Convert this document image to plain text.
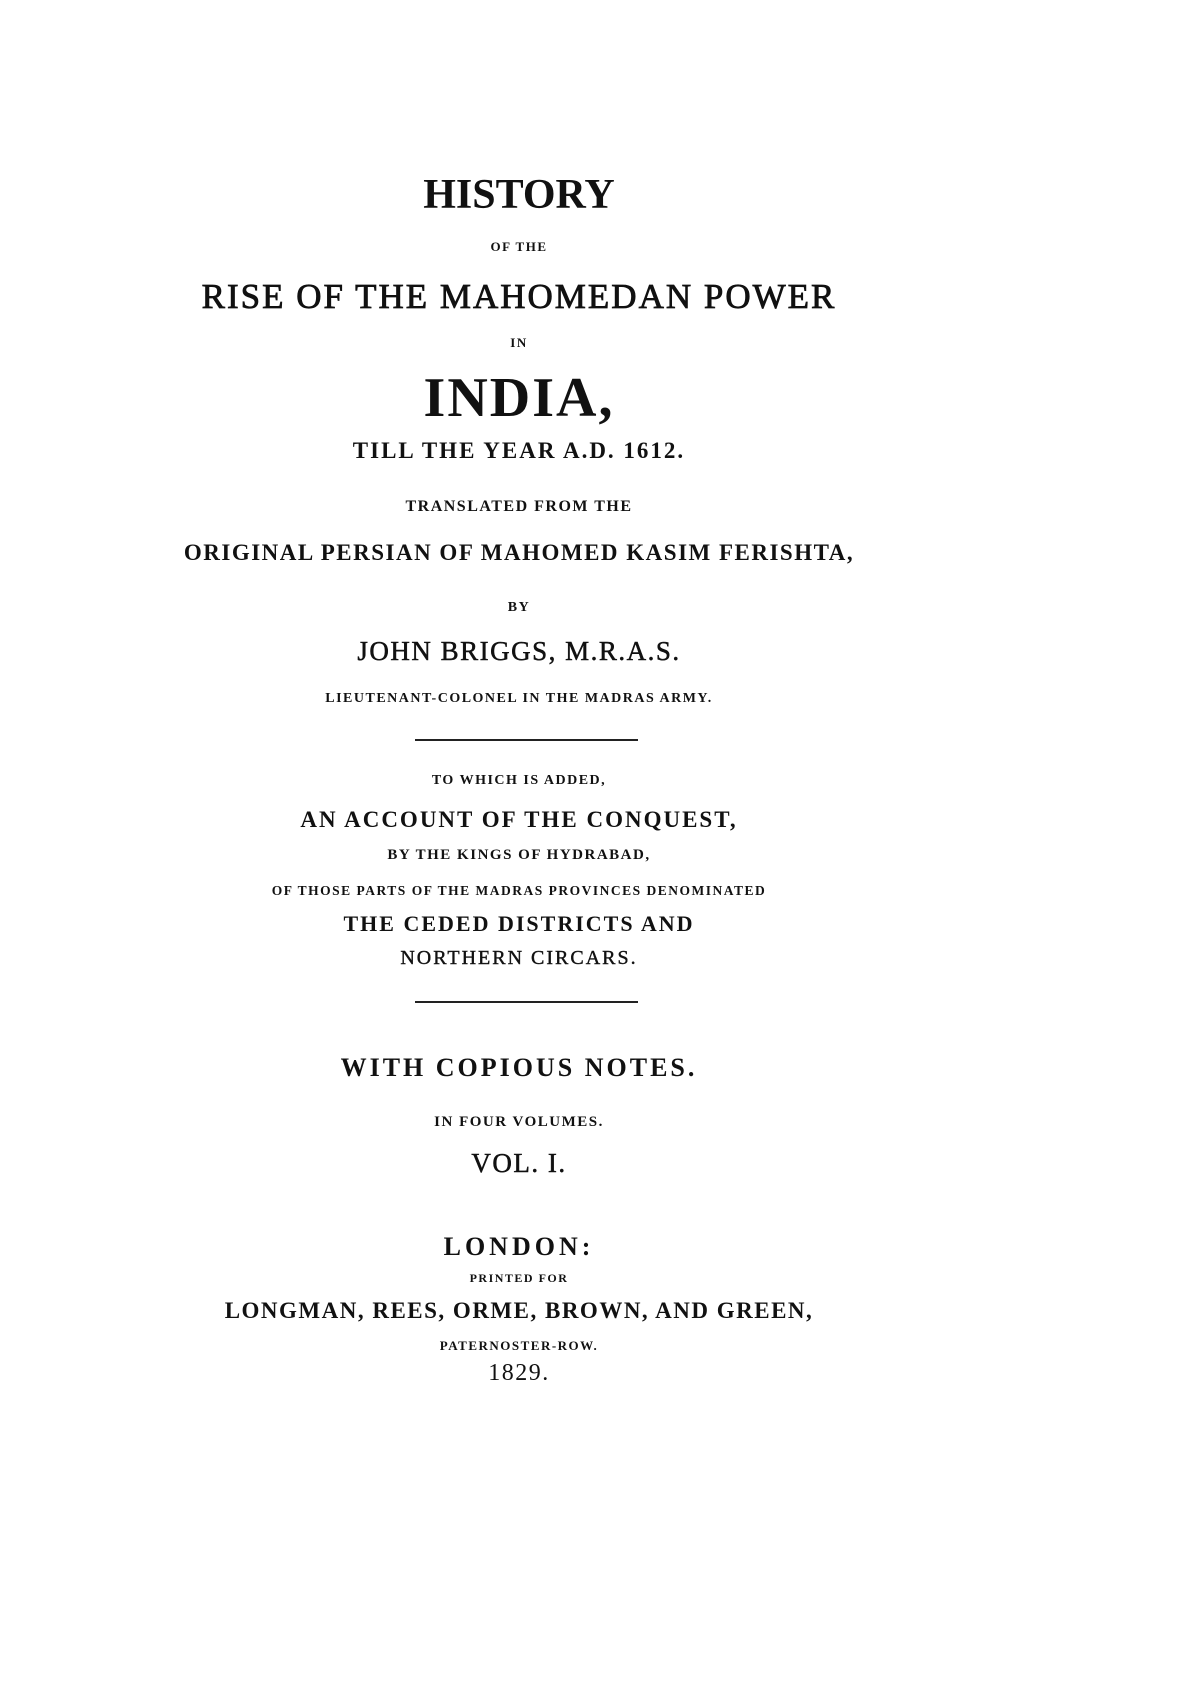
HISTORY
OF THE
RISE OF THE MAHOMEDAN POWER
IN
INDIA,
TILL THE YEAR A.D. 1612.
TRANSLATED FROM THE
ORIGINAL PERSIAN OF MAHOMED KASIM FERISHTA,
BY
JOHN BRIGGS, M.R.A.S.
LIEUTENANT-COLONEL IN THE MADRAS ARMY.
TO WHICH IS ADDED,
AN ACCOUNT OF THE CONQUEST,
BY THE KINGS OF HYDRABAD,
OF THOSE PARTS OF THE MADRAS PROVINCES DENOMINATED
THE CEDED DISTRICTS AND
NORTHERN CIRCARS.
WITH COPIOUS NOTES.
IN FOUR VOLUMES.
VOL. I.
LONDON:
PRINTED FOR
LONGMAN, REES, ORME, BROWN, AND GREEN,
PATERNOSTER-ROW.
1829.
